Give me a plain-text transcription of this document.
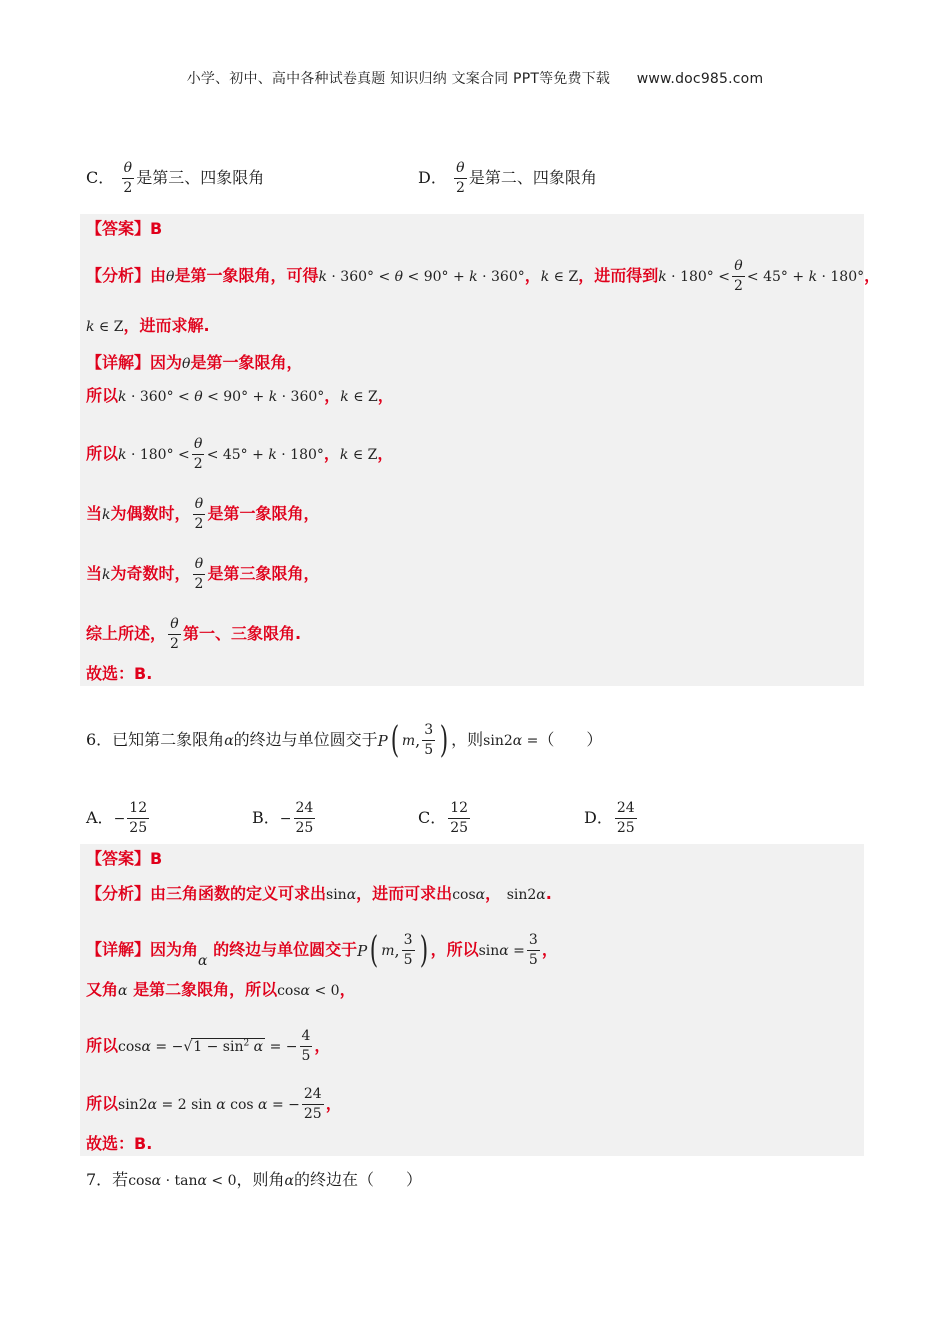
小学、初中、高中各种试卷真题 知识归纳 文案合同 PPT等免费下载 www.doc985.com
C． $\frac{\theta}{2}$ 是第三、四象限角	D． $\frac{\theta}{2}$ 是第二、四象限角
【答案】B
【分析】由θ是第一象限角，可得k · 360° < θ < 90° + k · 360°，k ∈ Z，进而得到$k \cdot 180^\circ < \frac{\theta}{2} < 45^\circ + k \cdot 180^\circ$，
k ∈ Z，进而求解.
【详解】因为θ是第一象限角，
所以k · 360° < θ < 90° + k · 360°，k ∈ Z，
所以$k \cdot 180^\circ < \frac{\theta}{2} < 45^\circ + k \cdot 180^\circ$，k ∈ Z，
当k为偶数时， $\frac{\theta}{2}$ 是第一象限角，
当k为奇数时， $\frac{\theta}{2}$ 是第三象限角，
综上所述， $\frac{\theta}{2}$ 第一、三象限角.
故选：B.
6．已知第二象限角α的终边与单位圆交于 P ( m , $\frac{3}{5}$ ) ，则sin2α =（　　）
A．− $\frac{12}{25}$	B．− $\frac{24}{25}$	C． $\frac{12}{25}$	D． $\frac{24}{25}$
【答案】B
【分析】由三角函数的定义可求出sinα，进而可求出cosα， sin2α.
【详解】因为角α 的终边与单位圆交于 P ( m , $\frac{3}{5}$ ) ，所以$\sin\alpha = \frac{3}{5}$ ，
又角α 是第二象限角，所以cosα < 0，
所以$\cos\alpha = -√1 - \sin^2 \alpha$ = − $\frac{4}{5}$ ，
所以sin2α = 2 sin α cos α = − $\frac{24}{25}$ ，
故选：B.
7．若cosα · tanα < 0，则角α的终边在（　　）
